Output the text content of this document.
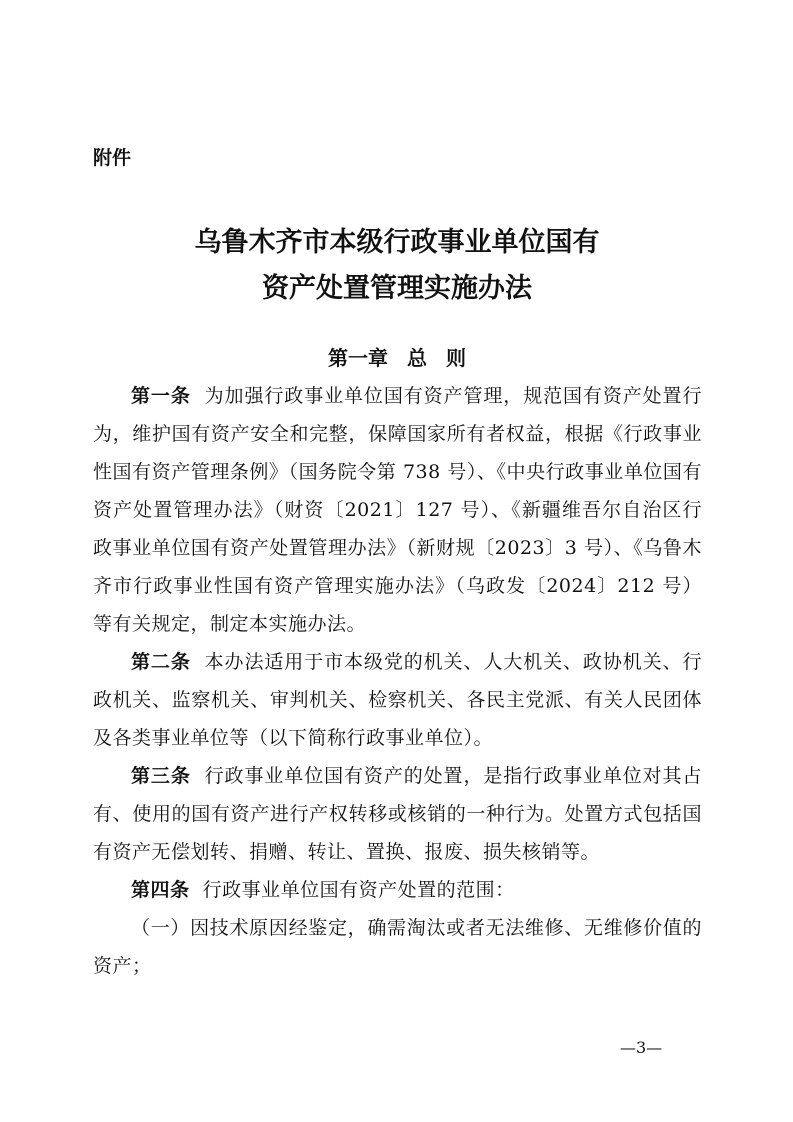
附件

乌鲁木齐市本级行政事业单位国有
资产处置管理实施办法
第一章 总 则

第一条 为加强行政事业单位国有资产管理，规范国有资产处置行为，维护国有资产安全和完整，保障国家所有者权益，根据《行政事业性国有资产管理条例》（国务院令第 738 号）、《中央行政事业单位国有资产处置管理办法》（财资〔2021〕127 号）、《新疆维吾尔自治区行政事业单位国有资产处置管理办法》（新财规〔2023〕3 号）、《乌鲁木齐市行政事业性国有资产管理实施办法》（乌政发〔2024〕212 号）等有关规定，制定本实施办法。

第二条 本办法适用于市本级党的机关、人大机关、政协机关、行政机关、监察机关、审判机关、检察机关、各民主党派、有关人民团体及各类事业单位等（以下简称行政事业单位）。

第三条 行政事业单位国有资产的处置，是指行政事业单位对其占有、使用的国有资产进行产权转移或核销的一种行为。处置方式包括国有资产无偿划转、捐赠、转让、置换、报废、损失核销等。

第四条 行政事业单位国有资产处置的范围：

（一）因技术原因经鉴定，确需淘汰或者无法维修、无维修价值的资产；

—3—
